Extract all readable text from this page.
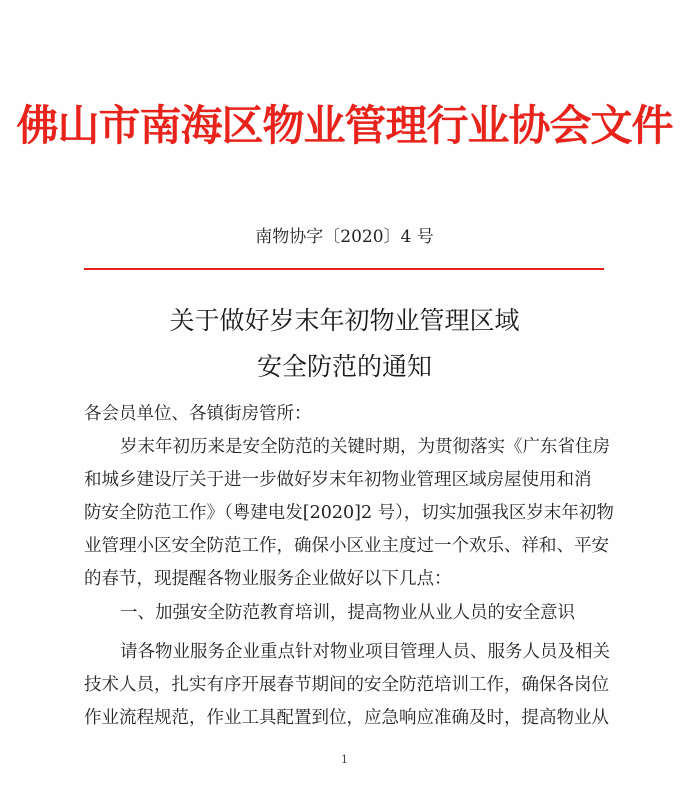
佛山市南海区物业管理行业协会文件
南物协字〔2020〕4 号
关于做好岁末年初物业管理区域
安全防范的通知
各会员单位、各镇街房管所：
岁末年初历来是安全防范的关键时期，为贯彻落实《广东省住房
和城乡建设厅关于进一步做好岁末年初物业管理区域房屋使用和消
防安全防范工作》（粤建电发[2020]2 号），切实加强我区岁末年初物
业管理小区安全防范工作，确保小区业主度过一个欢乐、祥和、平安
的春节，现提醒各物业服务企业做好以下几点：
一、加强安全防范教育培训，提高物业从业人员的安全意识
请各物业服务企业重点针对物业项目管理人员、服务人员及相关
技术人员，扎实有序开展春节期间的安全防范培训工作，确保各岗位
作业流程规范，作业工具配置到位，应急响应准确及时，提高物业从
1
